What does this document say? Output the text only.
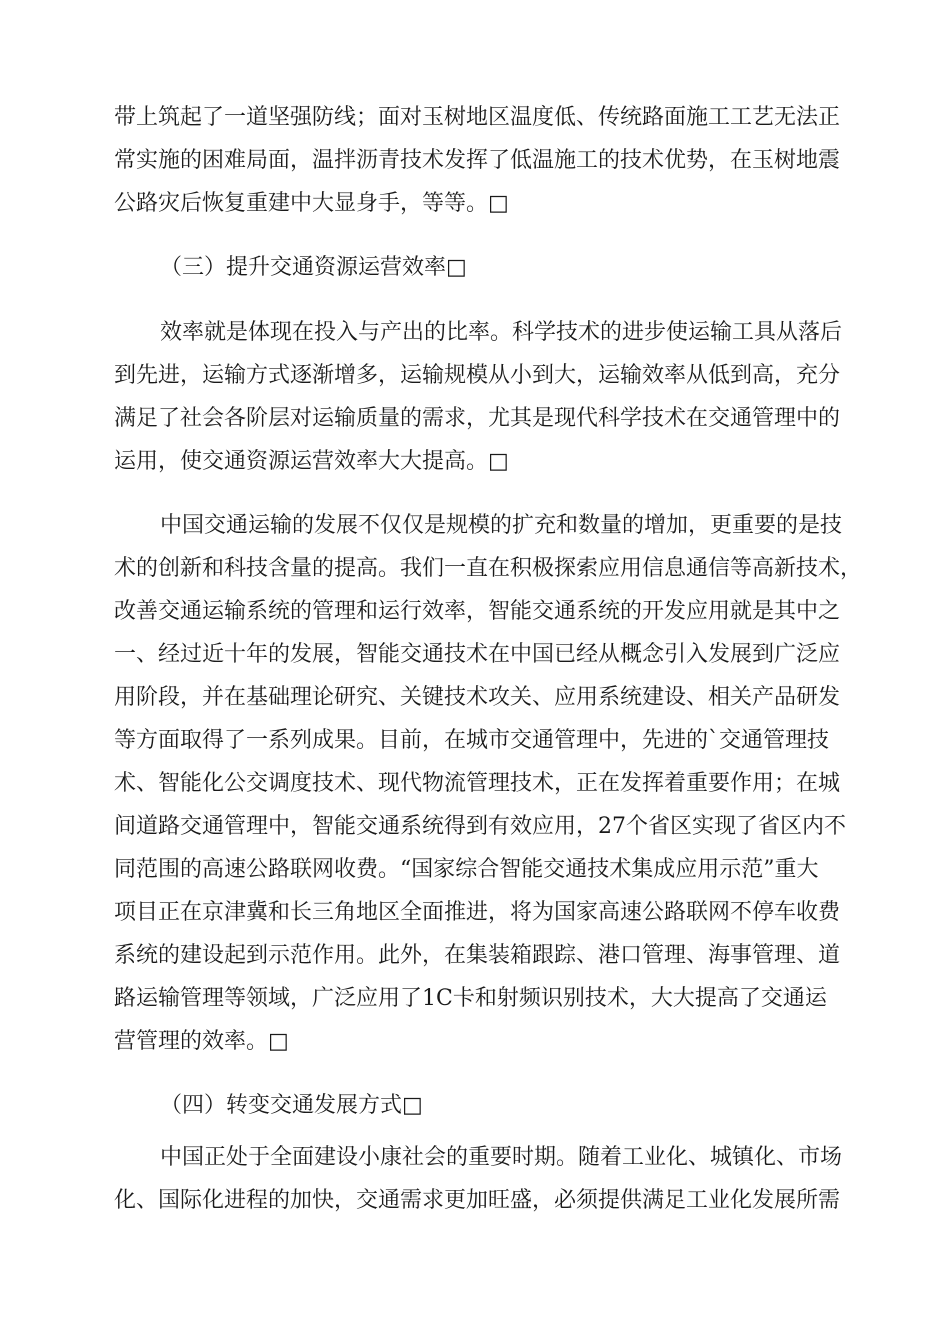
带上筑起了一道坚强防线；面对玉树地区温度低、传统路面施工工艺无法正
常实施的困难局面，温拌沥青技术发挥了低温施工的技术优势，在玉树地震
公路灾后恢复重建中大显身手，等等。□
（三）提升交通资源运营效率□
效率就是体现在投入与产出的比率。科学技术的进步使运输工具从落后
到先进，运输方式逐渐增多，运输规模从小到大，运输效率从低到高，充分
满足了社会各阶层对运输质量的需求，尤其是现代科学技术在交通管理中的
运用，使交通资源运营效率大大提高。□
中国交通运输的发展不仅仅是规模的扩充和数量的增加，更重要的是技
术的创新和科技含量的提高。我们一直在积极探索应用信息通信等高新技术，
改善交通运输系统的管理和运行效率，智能交通系统的开发应用就是其中之
一、经过近十年的发展，智能交通技术在中国已经从概念引入发展到广泛应
用阶段，并在基础理论研究、关键技术攻关、应用系统建设、相关产品研发
等方面取得了一系列成果。目前，在城市交通管理中，先进的`交通管理技
术、智能化公交调度技术、现代物流管理技术，正在发挥着重要作用；在城
间道路交通管理中，智能交通系统得到有效应用，27个省区实现了省区内不
同范围的高速公路联网收费。“国家综合智能交通技术集成应用示范”重大
项目正在京津冀和长三角地区全面推进，将为国家高速公路联网不停车收费
系统的建设起到示范作用。此外，在集装箱跟踪、港口管理、海事管理、道
路运输管理等领域，广泛应用了1C卡和射频识别技术，大大提高了交通运
营管理的效率。□
（四）转变交通发展方式□
中国正处于全面建设小康社会的重要时期。随着工业化、城镇化、市场
化、国际化进程的加快，交通需求更加旺盛，必须提供满足工业化发展所需
